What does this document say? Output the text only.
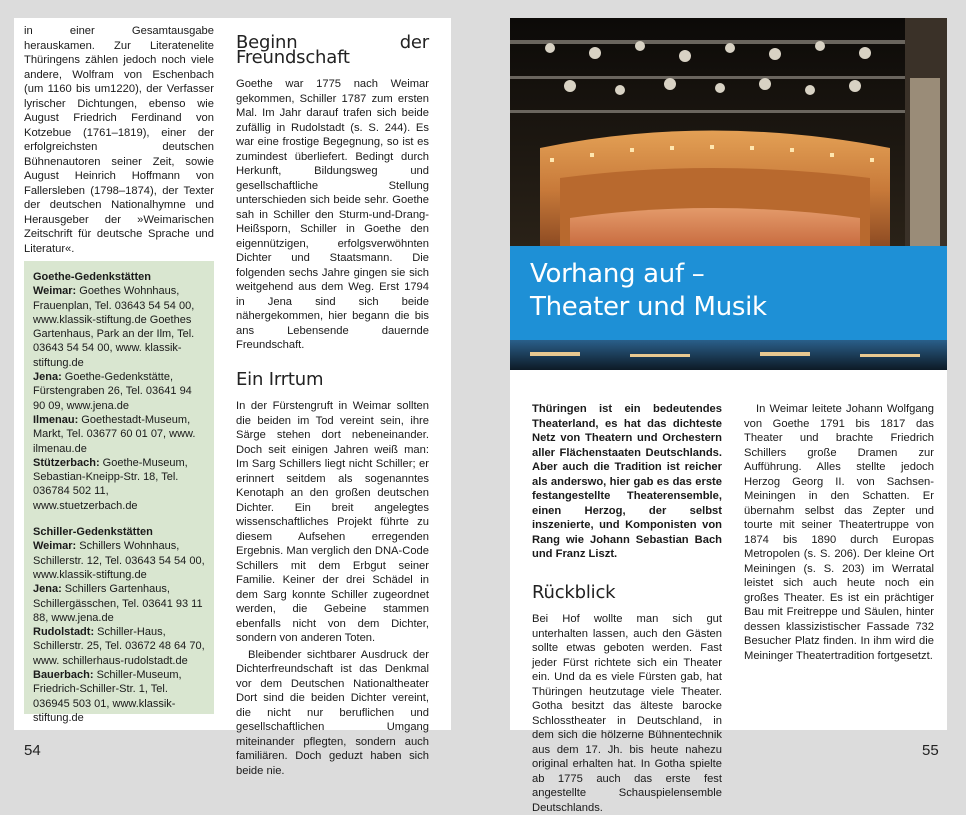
in einer Gesamtausgabe herauskamen. Zur Literatenelite Thüringens zählen jedoch noch viele andere, Wolfram von Eschenbach (um 1160 bis um1220), der Verfasser lyrischer Dichtungen, ebenso wie August Friedrich Ferdinand von Kotzebue (1761–1819), einer der erfolgreichsten deutschen Bühnenautoren seiner Zeit, sowie August Heinrich Hoffmann von Fallersleben (1798–1874), der Texter der deutschen Nationalhymne und Herausgeber der »Weimarischen Zeitschrift für deutsche Sprache und Literatur«.

Goethe-Gedenkstätten
Weimar: Goethes Wohnhaus, Frauenplan, Tel. 03643 54 54 00, www.klassik-stiftung.de Goethes Gartenhaus, Park an der Ilm, Tel. 03643 54 54 00, www. klassik-stiftung.de
Jena: Goethe-Gedenkstätte, Fürstengraben 26, Tel. 03641 94 90 09, www.jena.de
Ilmenau: Goethestadt-Museum, Markt, Tel. 03677 60 01 07, www. ilmenau.de
Stützerbach: Goethe-Museum, Sebastian-Kneipp-Str. 18, Tel. 036784 502 11, www.stuetzerbach.de
Schiller-Gedenkstätten
Weimar: Schillers Wohnhaus, Schillerstr. 12, Tel. 03643 54 54 00, www.klassik-stiftung.de
Jena: Schillers Gartenhaus, Schillergässchen, Tel. 03641 93 11 88, www.jena.de
Rudolstadt: Schiller-Haus, Schillerstr. 25, Tel. 03672 48 64 70, www. schillerhaus-rudolstadt.de
Bauerbach: Schiller-Museum, Friedrich-Schiller-Str. 1, Tel. 036945 503 01, www.klassik-stiftung.de
Beginn der Freundschaft

Goethe war 1775 nach Weimar gekommen, Schiller 1787 zum ersten Mal. Im Jahr darauf trafen sich beide zufällig in Rudolstadt (s. S. 244). Es war eine frostige Begegnung, so ist es zumindest überliefert. Bedingt durch Herkunft, Bildungsweg und gesellschaftliche Stellung unterschieden sich beide sehr. Goethe sah in Schiller den Sturm-und-Drang-Heißsporn, Schiller in Goethe den eigennützigen, erfolgsverwöhnten Dichter und Staatsmann. Die folgenden sechs Jahre gingen sie sich weitgehend aus dem Weg. Erst 1794 in Jena sind sich beide nähergekommen, hier begann die bis ans Lebensende dauernde Freundschaft.

Ein Irrtum

In der Fürstengruft in Weimar sollten die beiden im Tod vereint sein, ihre Särge stehen dort nebeneinander. Doch seit einigen Jahren weiß man: Im Sarg Schillers liegt nicht Schiller; er erinnert seitdem als sogenanntes Kenotaph an den großen deutschen Dichter. Ein breit angelegtes wissenschaftliches Projekt führte zu diesem Aufsehen erregenden Ergebnis. Man verglich den DNA-Code Schillers mit dem Erbgut seiner Familie. Keiner der drei Schädel in dem Sarg konnte Schiller zugeordnet werden, die Gebeine stammen ebenfalls nicht von dem Dichter, sondern von anderen Toten.

Bleibender sichtbarer Ausdruck der Dichterfreundschaft ist das Denkmal vor dem Deutschen Nationaltheater Dort sind die beiden Dichter vereint, die nicht nur beruflichen und gesellschaftlichen Umgang miteinander pflegten, sondern auch familiären. Doch geduzt haben sich beide nie.

54
Vorhang auf –
Theater und Musik

Thüringen ist ein bedeutendes Theaterland, es hat das dichteste Netz von Theatern und Orchestern aller Flächenstaaten Deutschlands. Aber auch die Tradition ist reicher als anderswo, hier gab es das erste festangestellte Theaterensemble, einen Herzog, der selbst inszenierte, und Komponisten von Rang wie Johann Sebastian Bach und Franz Liszt.

Rückblick

Bei Hof wollte man sich gut unterhalten lassen, auch den Gästen sollte etwas geboten werden. Fast jeder Fürst richtete sich ein Theater ein. Und da es viele Fürsten gab, hat Thüringen heutzutage viele Theater. Gotha besitzt das älteste barocke Schlosstheater in Deutschland, in dem sich die hölzerne Bühnentechnik aus dem 17. Jh. bis heute nahezu original erhalten hat. In Gotha spielte ab 1775 auch das erste fest angestellte Schauspielensemble Deutschlands.

In Weimar leitete Johann Wolfgang von Goethe 1791 bis 1817 das Theater und brachte Friedrich Schillers große Dramen zur Aufführung. Alles stellte jedoch Herzog Georg II. von Sachsen-Meiningen in den Schatten. Er übernahm selbst das Zepter und tourte mit seiner Theatertruppe von 1874 bis 1890 durch Europas Metropolen (s. S. 206). Der kleine Ort Meiningen (s. S. 203) im Werratal leistet sich auch heute noch ein großes Theater. Es ist ein prächtiger Bau mit Freitreppe und Säulen, hinter dessen klassizistischer Fassade 732 Besucher Platz finden. In ihm wird die Meininger Theatertradition fortgesetzt.

55
